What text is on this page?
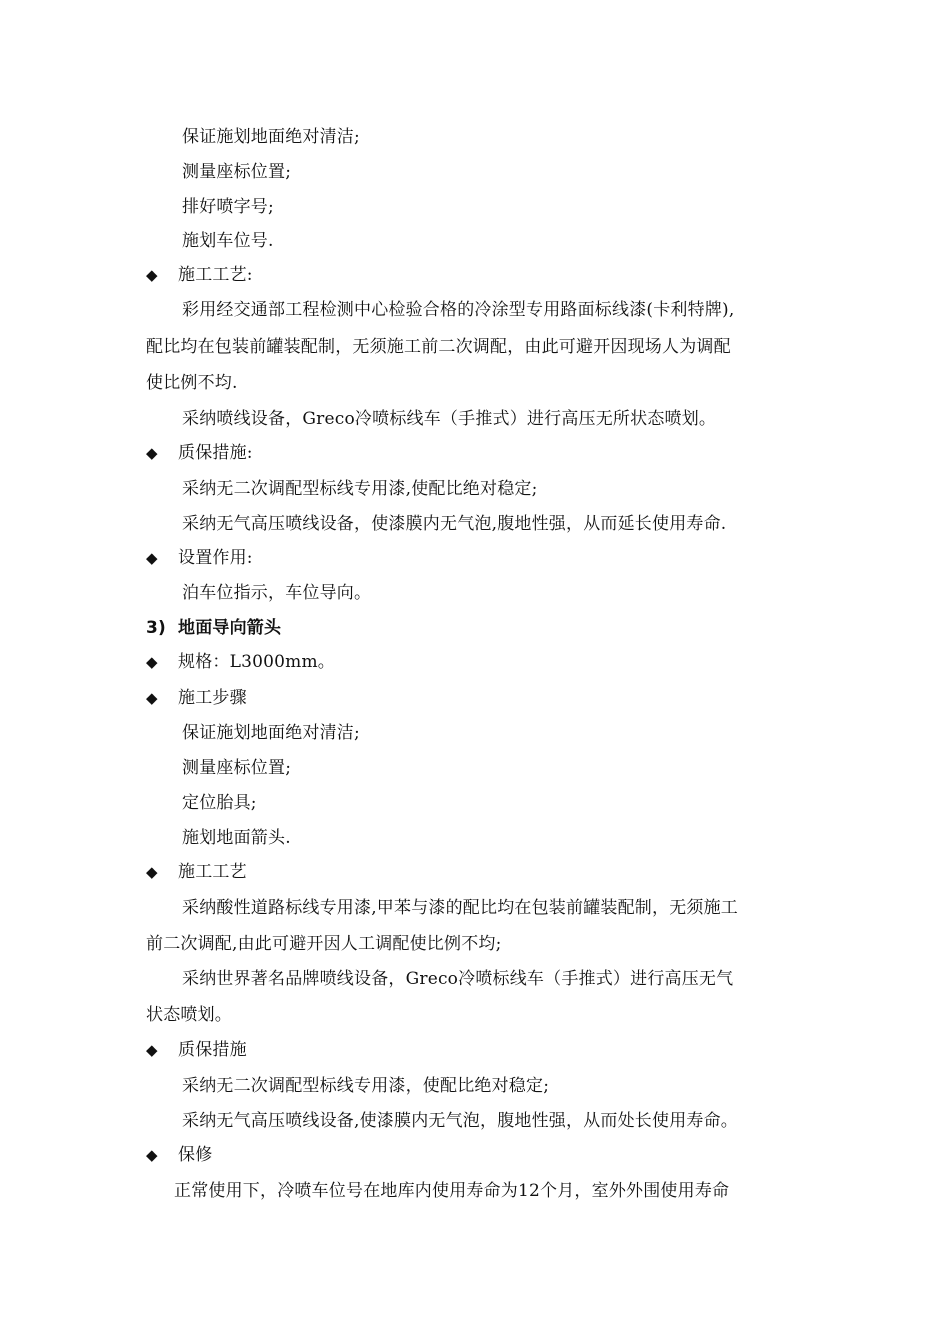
保证施划地面绝对清洁;
测量座标位置;
排好喷字号;
施划车位号.
◆ 施工工艺:
彩用经交通部工程检测中心检验合格的冷涂型专用路面标线漆(卡利特牌),
配比均在包装前罐装配制，无须施工前二次调配，由此可避开因现场人为调配
使比例不均.
采纳喷线设备，Greco冷喷标线车（手推式）进行高压无所状态喷划。
◆ 质保措施:
采纳无二次调配型标线专用漆,使配比绝对稳定;
采纳无气高压喷线设备，使漆膜内无气泡,腹地性强，从而延长使用寿命.
◆ 设置作用:
泊车位指示，车位导向。
3) 地面导向箭头
◆ 规格：L3000mm。
◆ 施工步骤
保证施划地面绝对清洁;
测量座标位置;
定位胎具;
施划地面箭头.
◆ 施工工艺
采纳酸性道路标线专用漆,甲苯与漆的配比均在包装前罐装配制，无须施工
前二次调配,由此可避开因人工调配使比例不均;
采纳世界著名品牌喷线设备，Greco冷喷标线车（手推式）进行高压无气
状态喷划。
◆ 质保措施
采纳无二次调配型标线专用漆，使配比绝对稳定;
采纳无气高压喷线设备,使漆膜内无气泡，腹地性强，从而处长使用寿命。
◆ 保修
正常使用下，冷喷车位号在地库内使用寿命为12个月，室外外围使用寿命
